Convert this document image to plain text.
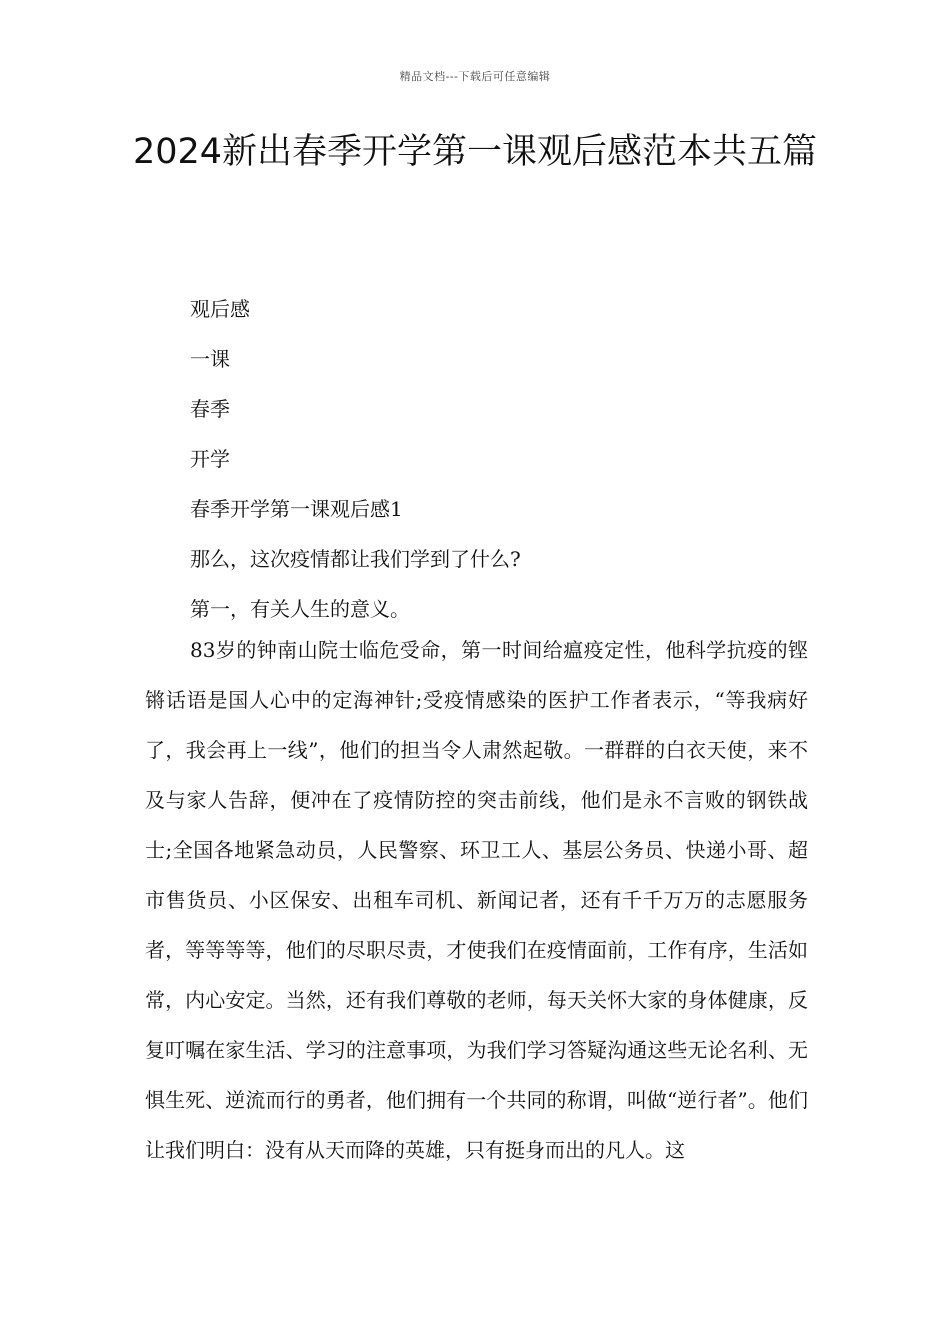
精品文档---下载后可任意编辑
2024新出春季开学第一课观后感范本共五篇
观后感
一课
春季
开学
春季开学第一课观后感1
那么，这次疫情都让我们学到了什么?
第一，有关人生的意义。

83岁的钟南山院士临危受命，第一时间给瘟疫定性，他科学抗疫的铿锵话语是国人心中的定海神针;受疫情感染的医护工作者表示，“等我病好了，我会再上一线”，他们的担当令人肃然起敬。一群群的白衣天使，来不及与家人告辞，便冲在了疫情防控的突击前线，他们是永不言败的钢铁战士;全国各地紧急动员，人民警察、环卫工人、基层公务员、快递小哥、超市售货员、小区保安、出租车司机、新闻记者，还有千千万万的志愿服务者，等等等等，他们的尽职尽责，才使我们在疫情面前，工作有序，生活如常，内心安定。当然，还有我们尊敬的老师，每天关怀大家的身体健康，反复叮嘱在家生活、学习的注意事项，为我们学习答疑沟通这些无论名利、无惧生死、逆流而行的勇者，他们拥有一个共同的称谓，叫做“逆行者”。他们让我们明白：没有从天而降的英雄，只有挺身而出的凡人。这
